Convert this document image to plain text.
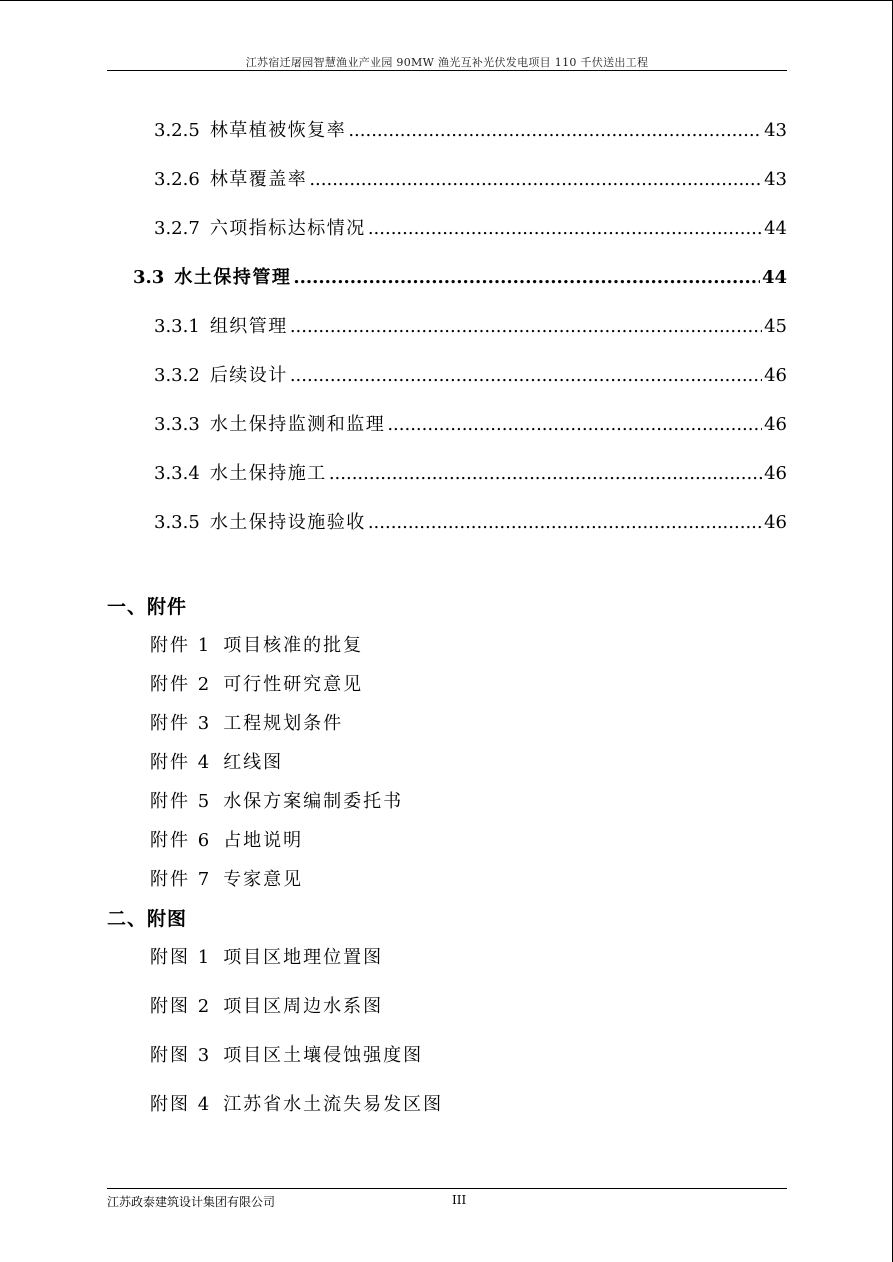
江苏宿迁屠园智慧渔业产业园 90MW 渔光互补光伏发电项目 110 千伏送出工程
3.2.5 林草植被恢复率 .....	43
3.2.6 林草覆盖率 .....	43
3.2.7 六项指标达标情况 .....	44
3.3 水土保持管理 .....	44
3.3.1 组织管理 .....	45
3.3.2 后续设计 .....	46
3.3.3 水土保持监测和监理 .....	46
3.3.4 水土保持施工 .....	46
3.3.5 水土保持设施验收 .....	46
一、附件
附件 1 项目核准的批复
附件 2 可行性研究意见
附件 3 工程规划条件
附件 4 红线图
附件 5 水保方案编制委托书
附件 6 占地说明
附件 7 专家意见
二、附图
附图 1 项目区地理位置图
附图 2 项目区周边水系图
附图 3 项目区土壤侵蚀强度图
附图 4 江苏省水土流失易发区图
江苏政泰建筑设计集团有限公司	III
